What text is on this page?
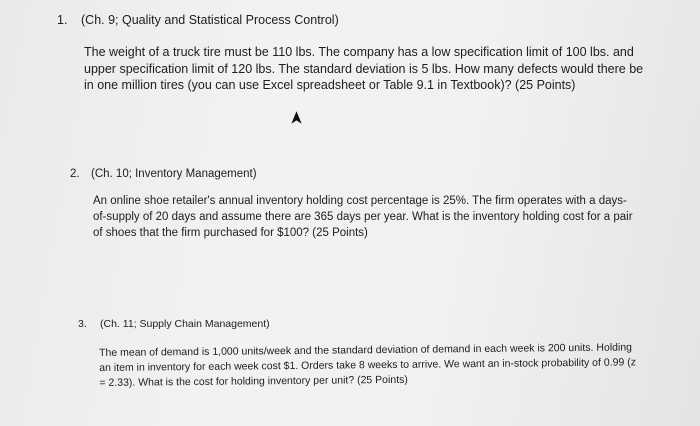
1. (Ch. 9; Quality and Statistical Process Control)

The weight of a truck tire must be 110 lbs. The company has a low specification limit of 100 lbs. and upper specification limit of 120 lbs. The standard deviation is 5 lbs. How many defects would there be in one million tires (you can use Excel spreadsheet or Table 9.1 in Textbook)? (25 Points)

2. (Ch. 10; Inventory Management)

An online shoe retailer's annual inventory holding cost percentage is 25%. The firm operates with a days-of-supply of 20 days and assume there are 365 days per year. What is the inventory holding cost for a pair of shoes that the firm purchased for $100? (25 Points)

3. (Ch. 11; Supply Chain Management)

The mean of demand is 1,000 units/week and the standard deviation of demand in each week is 200 units. Holding an item in inventory for each week cost $1. Orders take 8 weeks to arrive. We want an in-stock probability of 0.99 (z = 2.33). What is the cost for holding inventory per unit? (25 Points)
